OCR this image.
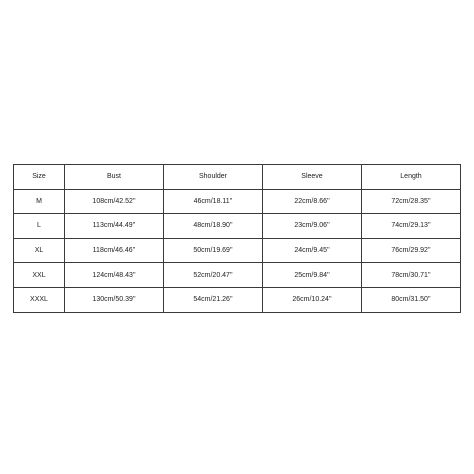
Size	Bust	Shoulder	Sleeve	Length
M	108cm/42.52''	46cm/18.11''	22cm/8.66''	72cm/28.35''
L	113cm/44.49''	48cm/18.90''	23cm/9.06''	74cm/29.13''
XL	118cm/46.46''	50cm/19.69''	24cm/9.45''	76cm/29.92''
XXL	124cm/48.43''	52cm/20.47''	25cm/9.84''	78cm/30.71''
XXXL	130cm/50.39''	54cm/21.26''	26cm/10.24''	80cm/31.50''
